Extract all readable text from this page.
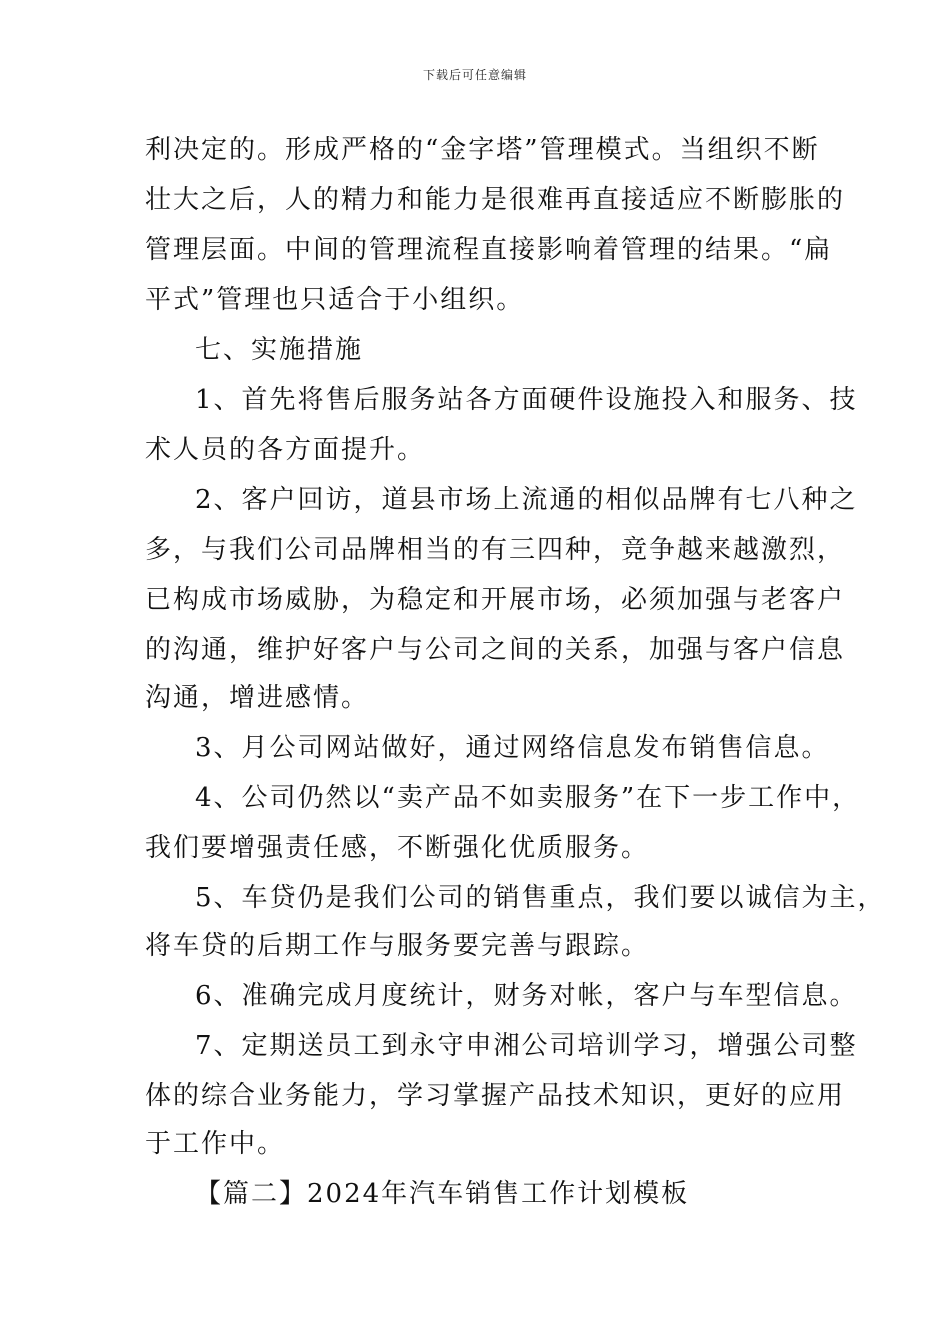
下载后可任意编辑
利决定的。形成严格的“金字塔”管理模式。当组织不断
壮大之后，人的精力和能力是很难再直接适应不断膨胀的
管理层面。中间的管理流程直接影响着管理的结果。“扁
平式”管理也只适合于小组织。
七、实施措施
1、首先将售后服务站各方面硬件设施投入和服务、技
术人员的各方面提升。
2、客户回访，道县市场上流通的相似品牌有七八种之
多，与我们公司品牌相当的有三四种，竞争越来越激烈，
已构成市场威胁，为稳定和开展市场，必须加强与老客户
的沟通，维护好客户与公司之间的关系，加强与客户信息
沟通，增进感情。
3、月公司网站做好，通过网络信息发布销售信息。
4、公司仍然以“卖产品不如卖服务”在下一步工作中，
我们要增强责任感，不断强化优质服务。
5、车贷仍是我们公司的销售重点，我们要以诚信为主，
将车贷的后期工作与服务要完善与跟踪。
6、准确完成月度统计，财务对帐，客户与车型信息。
7、定期送员工到永守申湘公司培训学习，增强公司整
体的综合业务能力，学习掌握产品技术知识，更好的应用
于工作中。
【篇二】2024年汽车销售工作计划模板
